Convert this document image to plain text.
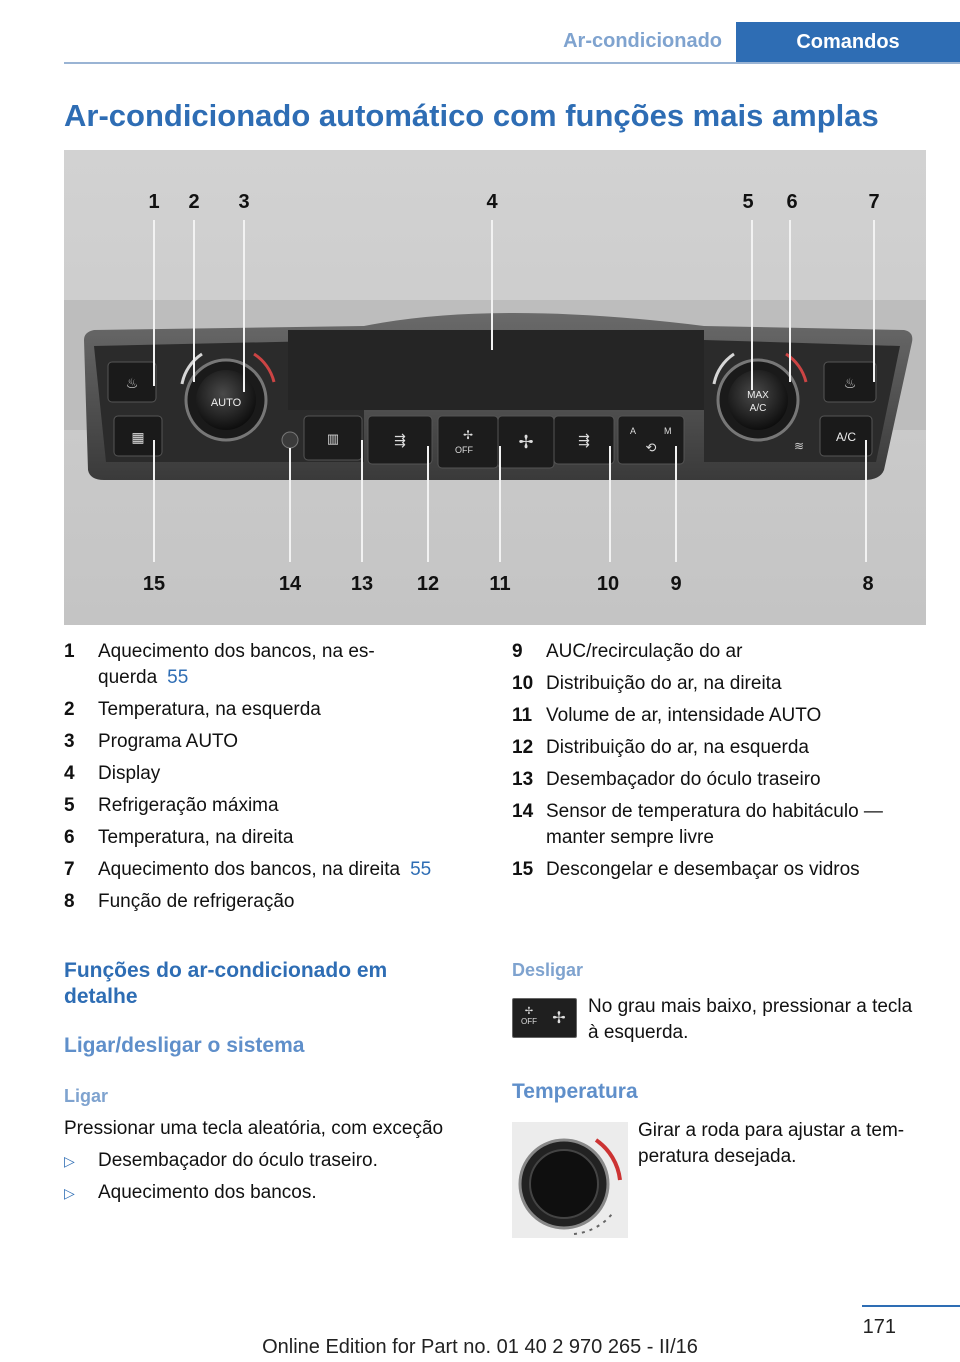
Ar-condicionado	Comandos
Ar-condicionado automático com funções mais amplas
♨
▦
AUTO
▥	⇶
OFF
✢	✢	⇶
A	M
⟲
MAX
A/C
≋
♨
A/C
1 2 3	4	5 6	7
15	14 13 12	11	10	9	8
1	Aquecimento dos bancos, na es-querda 55
2	Temperatura, na esquerda
3	Programa AUTO
4	Display
5	Refrigeração máxima
6	Temperatura, na direita
7	Aquecimento dos bancos, na direita 55
8	Função de refrigeração
9	AUC/recirculação do ar
10 Distribuição do ar, na direita
11 Volume de ar, intensidade AUTO
12 Distribuição do ar, na esquerda
13 Desembaçador do óculo traseiro
14 Sensor de temperatura do habitáculo — manter sempre livre
15 Descongelar e desembaçar os vidros
Funções do ar-condicionado em detalhe
Ligar/desligar o sistema
Ligar
Pressionar uma tecla aleatória, com exceção
▷	Desembaçador do óculo traseiro.
▷	Aquecimento dos bancos.
Desligar
OFF
✢ ✢
No grau mais baixo, pressionar a tecla à esquerda.
Temperatura
Girar a roda para ajustar a tem-peratura desejada.
171
Online Edition for Part no. 01 40 2 970 265 - II/16
